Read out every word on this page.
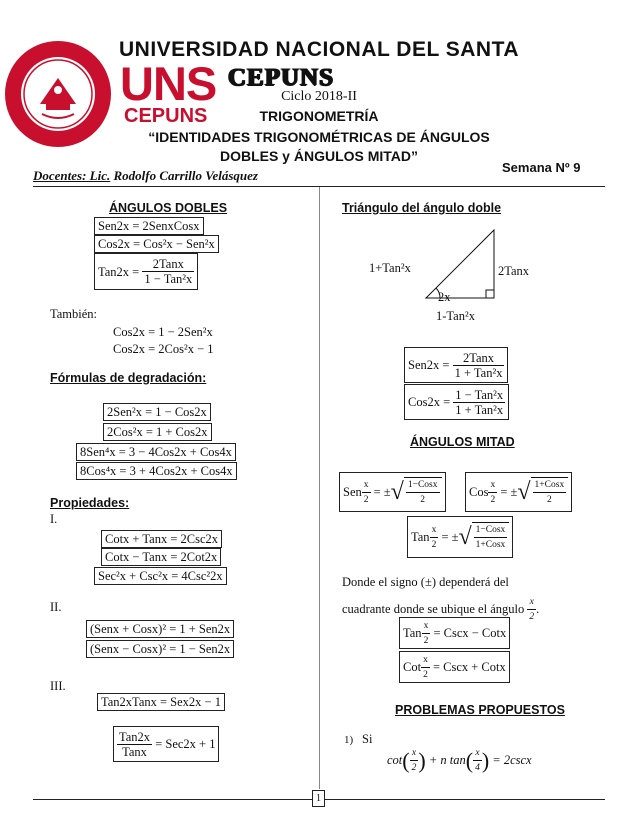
UNIVERSIDAD NACIONAL DEL SANTA
UNS
CEPUNS
CEPUNS
Ciclo 2018-II
TRIGONOMETRÍA
“IDENTIDADES TRIGONOMÉTRICAS DE ÁNGULOS
DOBLES y ÁNGULOS MITAD”
Docentes: Lic. Rodolfo Carrillo Velásquez
Semana Nº 9
ÁNGULOS DOBLES
Sen2x = 2SenxCosx
Cos2x = Cos²x − Sen²x
Tan2x =
$\frac{\text{2Tanx}}{\text{1 − Tan²x}}$
También:
Cos2x = 1 − 2Sen²x
Cos2x = 2Cos²x − 1
Fórmulas de degradación:
2Sen²x = 1 − Cos2x
2Cos²x = 1 + Cos2x
8Sen⁴x = 3 − 4Cos2x + Cos4x
8Cos⁴x = 3 + 4Cos2x + Cos4x
Propiedades:
I.
Cotx + Tanx = 2Csc2x
Cotx − Tanx = 2Cot2x
Sec²x + Csc²x = 4Csc²2x
II.
(Senx + Cosx)² = 1 + Sen2x
(Senx − Cosx)² = 1 − Sen2x
III.
Tan2xTanx = Sex2x − 1
$\frac{\text{Tan2x}}{\text{Tanx}}$
= Sec2x + 1
Triángulo del ángulo doble
1+Tan²x	2Tanx
2x
1-Tan²x
Sen2x =
$\frac{\text{2Tanx}}{\text{1 + Tan²x}}$
Cos2x =
$\frac{\text{1 − Tan²x}}{\text{1 + Tan²x}}$
ÁNGULOS MITAD
Sen $\frac{x}{2}$
= ± √ $\frac{\text{1−Cosx}}{2}$ Cos $\frac{x}{2}$
= ± √ $\frac{\text{1+Cosx}}{2}$
Tan $\frac{x}{2}$
= ± √ $\frac{\text{1−Cosx}}{\text{1+Cosx}}$
Donde el signo (±) dependerá del
cuadrante donde se ubique el ángulo
$\frac{x}{2}$ .
Tan $\frac{x}{2}$
= Cscx − Cotx
Cot $\frac{x}{2}$
= Cscx + Cotx
PROBLEMAS PROPUESTOS
1) Si
cot ( $\frac{x}{2}$ )
+ n tan ( $\frac{x}{4}$ )
= 2cscx
1
